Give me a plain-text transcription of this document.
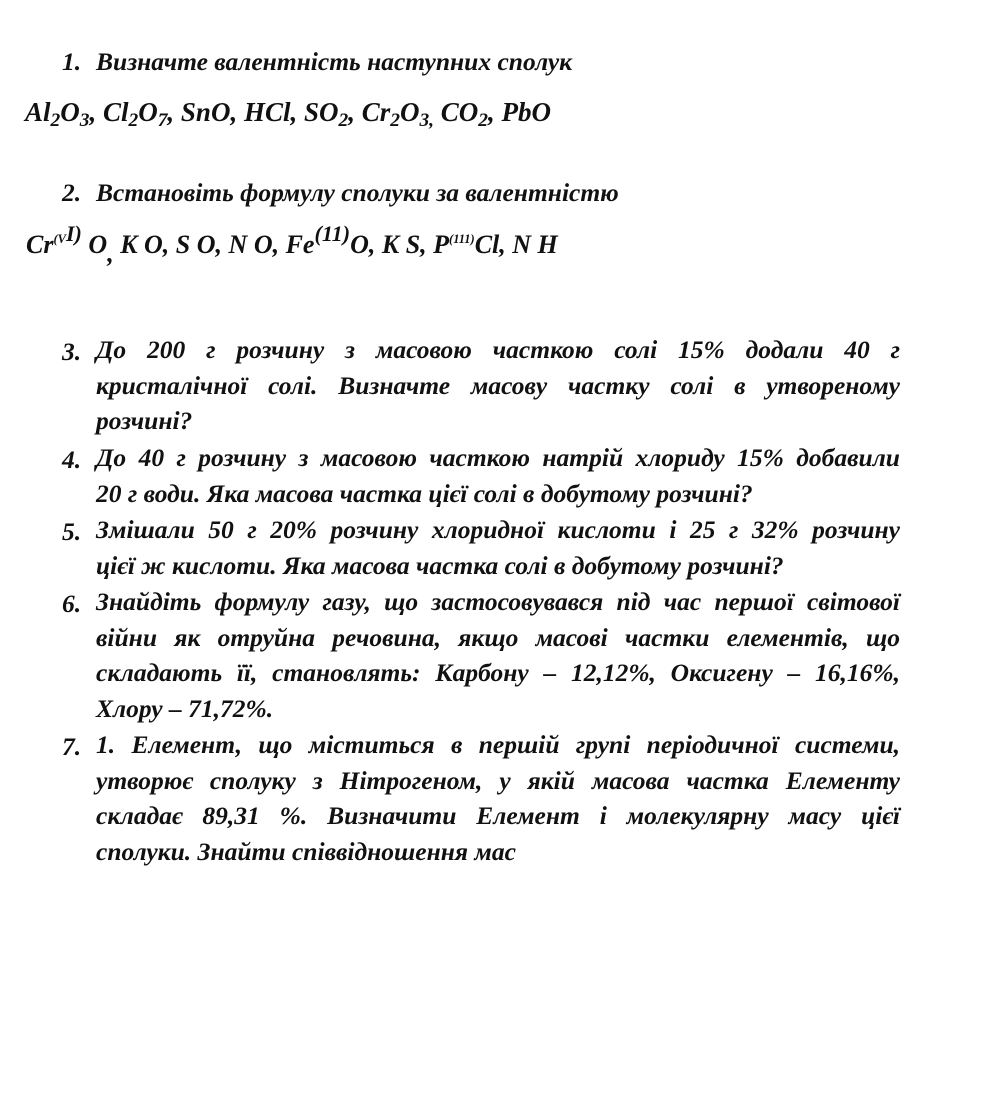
1. Визначте валентність наступних сполук
$Al_2O_3$, $Cl_2O_7$, SnO, HCl, $SO_2$, $Cr_2O_{3,}$ $CO_2$, PbO
2. Встановіть формулу сполуки за валентністю
$Cr^{(VI)}$ O, K O, S O, N O, Fe$^{(11)}$O, K S, $P^{(111)}Cl$, N H
3. До 200 г розчину з масовою часткою солі 15% додали 40 г
кристалічної солі. Визначте масову частку солі в утвореному
розчині?
4. До 40 г розчину з масовою часткою натрій хлориду 15% добавили
20 г води. Яка масова частка цієї солі в добутому розчині?
5. Змішали 50 г 20% розчину хлоридної кислоти і 25 г 32% розчину
цієї ж кислоти. Яка масова частка солі в добутому розчині?
6. Знайдіть формулу газу, що застосовувався під час першої світової
війни як отруйна речовина, якщо масові частки елементів, що
складають її, становлять: Карбону – 12,12%, Оксигену – 16,16%,
Хлору – 71,72%.
7. 1. Елемент, що міститься в першій групі періодичної системи,
утворює сполуку з Нітрогеном, у якій масова частка Елементу
складає 89,31 %. Визначити Елемент і молекулярну масу цієї
сполуки. Знайти співвідношення мас
